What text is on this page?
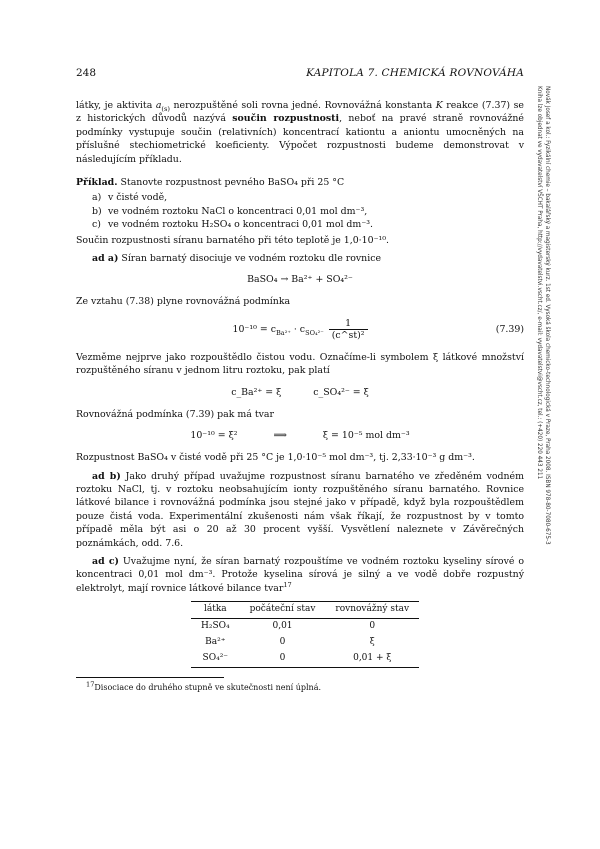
248	KAPITOLA 7. CHEMICKÁ ROVNOVÁHA
Novák Josef a kol.: Fyzikální chemie – bakalářský a magisterský kurz. 1st ed. Vysoká škola chemicko-technologická v Praze, Praha 2008. ISBN 978-80-7080-675-3
Kniha lze objednat ve vydavatelství VŠCHT Praha, http://vydavatelstvi.vscht.cz/, e-mail: vydavatelstvi@vscht.cz, tel.: (+420) 220 443 211

látky, je aktivita $a_{(s)}$ nerozpuštěné soli rovna jedné. Rovnovážná konstanta K reakce (7.37) se z historických důvodů nazývá součin rozpustnosti, neboť na pravé straně rovnovážné podmínky vystupuje součin (relativních) koncentrací kationtu a aniontu umocněných na příslušné stechiometrické koeficienty. Výpočet rozpustnosti budeme demonstrovat v následujícím příkladu.

Příklad. Stanovte rozpustnost pevného BaSO₄ při 25 °C

a) v čisté vodě,
b) ve vodném roztoku NaCl o koncentraci 0,01 mol dm⁻³,
c) ve vodném roztoku H₂SO₄ o koncentraci 0,01 mol dm⁻³.

Součin rozpustnosti síranu barnatého při této teplotě je 1,0·10⁻¹⁰.

ad a) Síran barnatý disociuje ve vodném roztoku dle rovnice

BaSO₄ → Ba²⁺ + SO₄²⁻

Ze vztahu (7.38) plyne rovnovážná podmínka

$10^{-10} = c_{Ba^{2+}} \cdot c_{SO_4^{2-}} \frac{1}{\text{(c\textasciicircum{}st)²}}$	(7.39)

Vezměme nejprve jako rozpouštědlo čistou vodu. Označíme-li symbolem ξ látkové množství rozpuštěného síranu v jednom litru roztoku, pak platí

c_Ba²⁺ = ξ	c_SO₄²⁻ = ξ

Rovnovážná podmínka (7.39) pak má tvar

10⁻¹⁰ = ξ²	⟹	ξ = 10⁻⁵ mol dm⁻³

Rozpustnost BaSO₄ v čisté vodě při 25 °C je 1,0·10⁻⁵ mol dm⁻³, tj. 2,33·10⁻³ g dm⁻³.

ad b) Jako druhý případ uvažujme rozpustnost síranu barnatého ve zředěném vodném roztoku NaCl, tj. v roztoku neobsahujícím ionty rozpuštěného síranu barnatého. Rovnice látkové bilance i rovnovážná podmínka jsou stejné jako v případě, když byla rozpouštědlem pouze čistá voda. Experimentální zkušenosti nám však říkají, že rozpustnost by v tomto případě měla být asi o 20 až 30 procent vyšší. Vysvětlení naleznete v Závěrečných poznámkách, odd. 7.6.

ad c) Uvažujme nyní, že síran barnatý rozpouštíme ve vodném roztoku kyseliny sírové o koncentraci 0,01 mol dm⁻³. Protože kyselina sírová je silný a ve vodě dobře rozpustný elektrolyt, mají rovnice látkové bilance tvar$^{17}$

látka	počáteční stav	rovnovážný stav
H₂SO₄	0,01	0
Ba²⁺	0	ξ
SO₄²⁻	0	0,01 + ξ
$^{17}$Disociace do druhého stupně ve skutečnosti není úplná.
